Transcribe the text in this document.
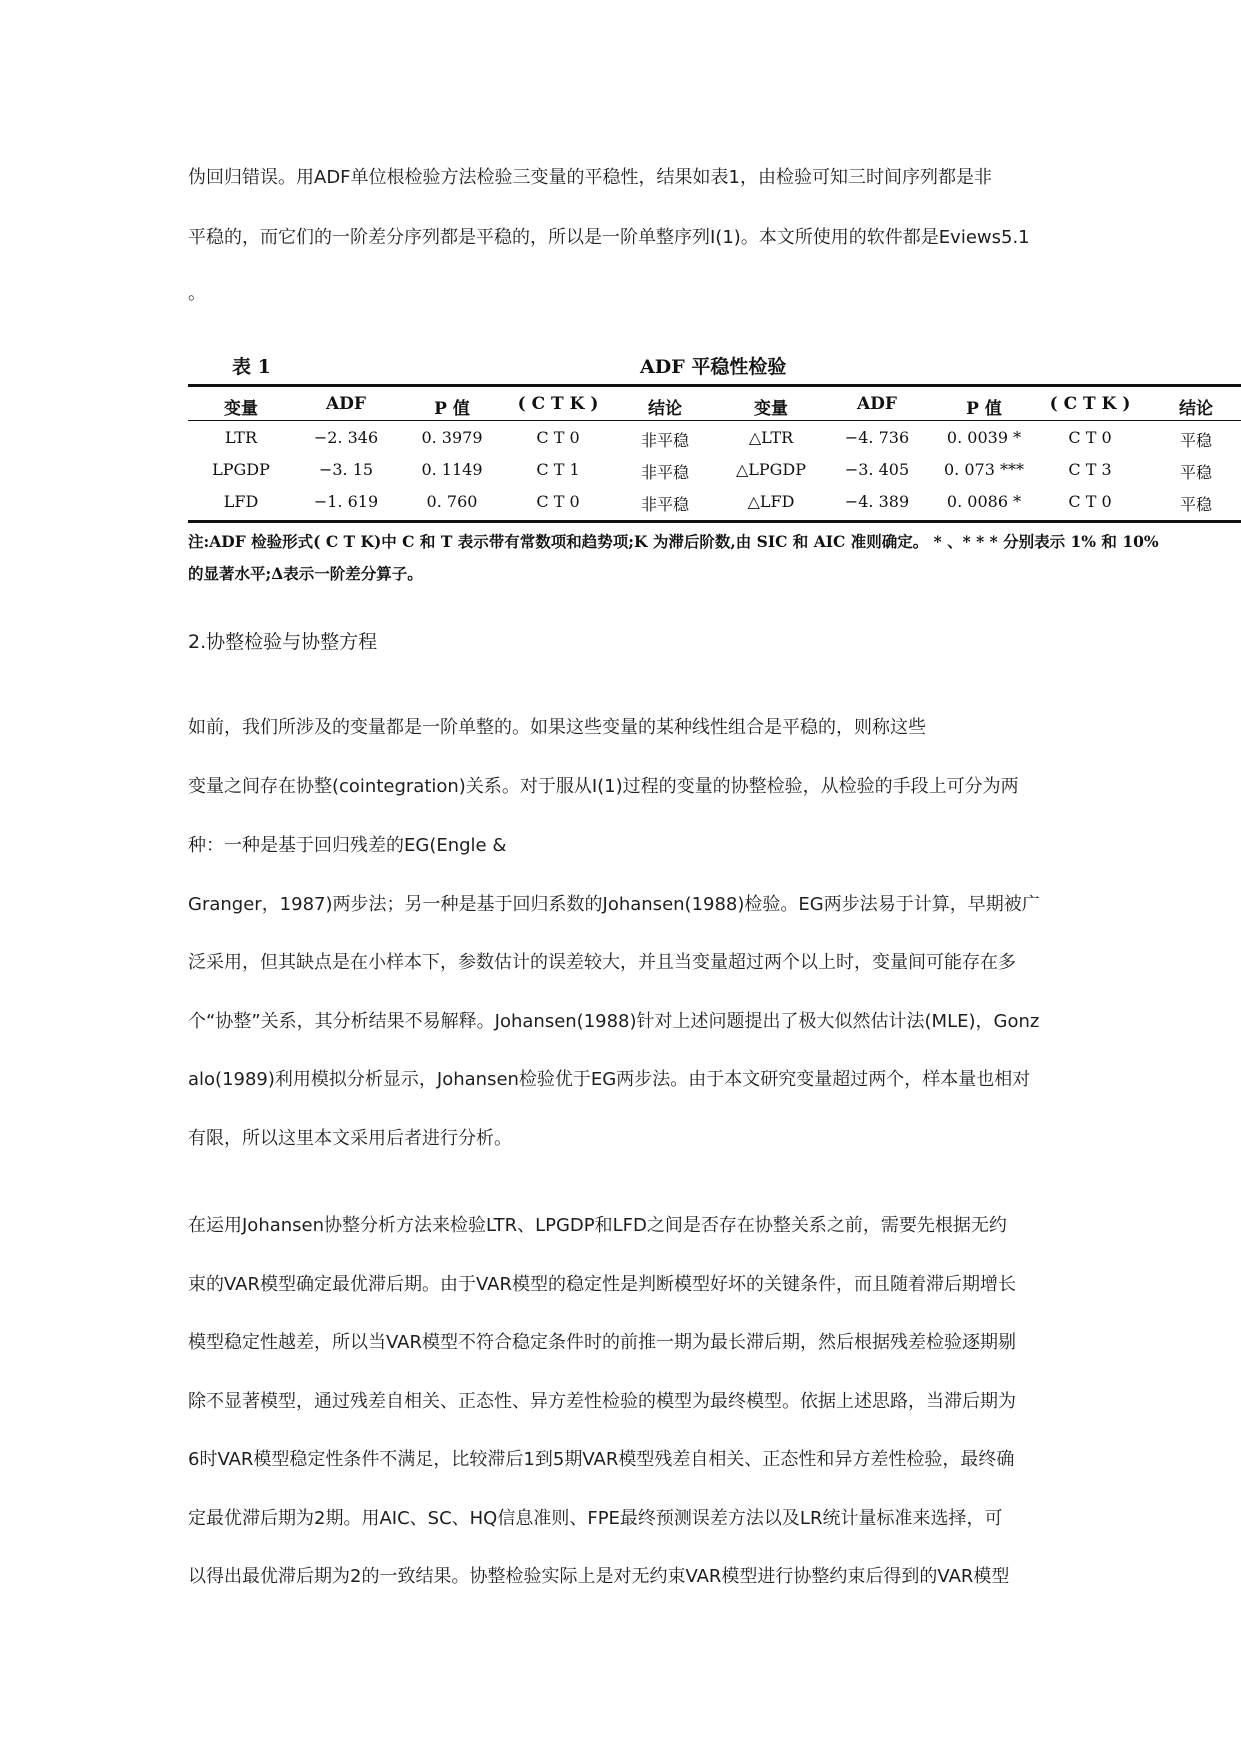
伪回归错误。用ADF单位根检验方法检验三变量的平稳性，结果如表1，由检验可知三时间序列都是非
平稳的，而它们的一阶差分序列都是平稳的，所以是一阶单整序列I(1)。本文所使用的软件都是Eviews5.1
。
表 1	ADF 平稳性检验
变量	ADF	P 值	( C T K )	结论	变量	ADF	P 值	( C T K )	结论
LTR	−2. 346	0. 3979	C T 0	非平稳	△LTR	−4. 736	0. 0039 *	C T 0	平稳
LPGDP	−3. 15	0. 1149	C T 1	非平稳	△LPGDP	−3. 405	0. 073 ***	C T 3	平稳
LFD	−1. 619	0. 760	C T 0	非平稳	△LFD	−4. 389	0. 0086 *	C T 0	平稳
注:ADF 检验形式( C T K)中 C 和 T 表示带有常数项和趋势项;K 为滞后阶数,由 SIC 和 AIC 准则确定。 * 、* * * 分别表示 1% 和 10%
的显著水平;Δ表示一阶差分算子。
2.协整检验与协整方程
如前，我们所涉及的变量都是一阶单整的。如果这些变量的某种线性组合是平稳的，则称这些
变量之间存在协整(cointegration)关系。对于服从I(1)过程的变量的协整检验，从检验的手段上可分为两
种：一种是基于回归残差的EG(Engle &
Granger，1987)两步法；另一种是基于回归系数的Johansen(1988)检验。EG两步法易于计算，早期被广
泛采用，但其缺点是在小样本下，参数估计的误差较大，并且当变量超过两个以上时，变量间可能存在多
个“协整”关系，其分析结果不易解释。Johansen(1988)针对上述问题提出了极大似然估计法(MLE)，Gonz
alo(1989)利用模拟分析显示，Johansen检验优于EG两步法。由于本文研究变量超过两个，样本量也相对
有限，所以这里本文采用后者进行分析。
在运用Johansen协整分析方法来检验LTR、LPGDP和LFD之间是否存在协整关系之前，需要先根据无约
束的VAR模型确定最优滞后期。由于VAR模型的稳定性是判断模型好坏的关键条件，而且随着滞后期增长
模型稳定性越差，所以当VAR模型不符合稳定条件时的前推一期为最长滞后期，然后根据残差检验逐期剔
除不显著模型，通过残差自相关、正态性、异方差性检验的模型为最终模型。依据上述思路，当滞后期为
6时VAR模型稳定性条件不满足，比较滞后1到5期VAR模型残差自相关、正态性和异方差性检验，最终确
定最优滞后期为2期。用AIC、SC、HQ信息准则、FPE最终预测误差方法以及LR统计量标准来选择，可
以得出最优滞后期为2的一致结果。协整检验实际上是对无约束VAR模型进行协整约束后得到的VAR模型
